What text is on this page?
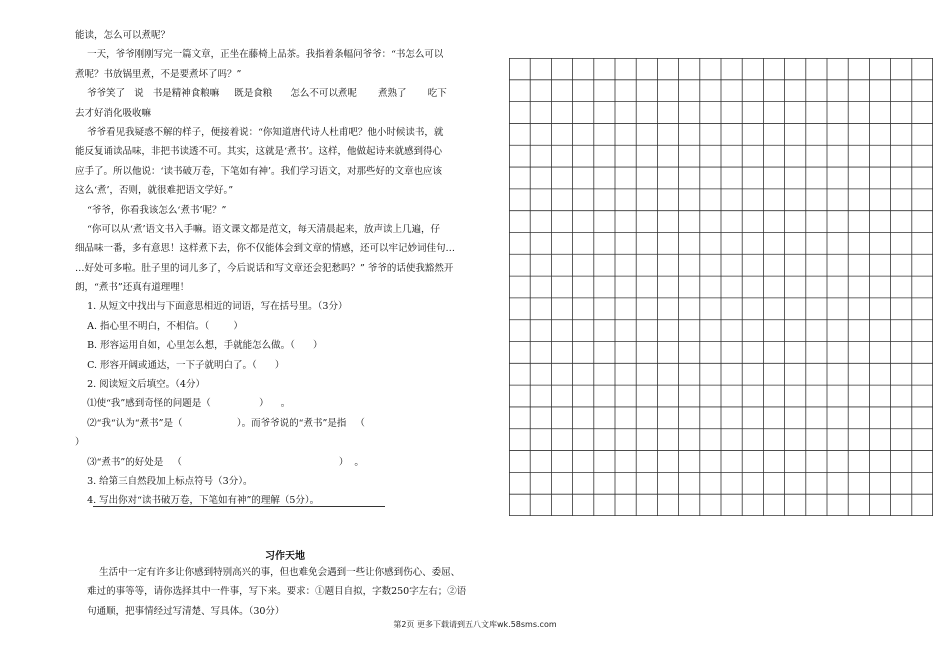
能读，怎么可以煮呢？
一天，爷爷刚刚写完一篇文章，正坐在藤椅上品茶。我指着条幅问爷爷：“书怎么可以
煮呢？书放锅里煮，不是要煮坏了吗？”
爷爷笑了   说   书是精神食粮嘛     既是食粮      怎么不可以煮呢       煮熟了       吃下
去才好消化吸收嘛
爷爷看见我疑惑不解的样子，便接着说：“你知道唐代诗人杜甫吧？他小时候读书，就
能反复诵读品味，非把书读透不可。其实，这就是‘煮书’。这样，他做起诗来就感到得心
应手了。所以他说：‘读书破万卷，下笔如有神’。我们学习语文，对那些好的文章也应该
这么‘煮’，否则，就很难把语文学好。”
“爷爷，你看我该怎么‘煮书’呢？”
“你可以从‘煮’语文书入手嘛。语文课文都是范文，每天清晨起来，放声读上几遍，仔
细品味一番，多有意思！这样煮下去，你不仅能体会到文章的情感，还可以牢记妙词佳句…
…好处可多啦。肚子里的词儿多了，今后说话和写文章还会犯愁吗？” 爷爷的话使我豁然开
朗，“煮书”还真有道理哩！
1. 从短文中找出与下面意思相近的词语，写在括号里。（3分）
A. 指心里不明白，不相信。（        ）
B. 形容运用自如，心里怎么想，手就能怎么做。（      ）
C. 形容开阔或通达，一下子就明白了。（      ）
2. 阅读短文后填空。（4分）
⑴使“我”感到奇怪的问题是（                ）    。
⑵“我“认为“煮书”是（                  ）。而爷爷说的“煮书”是指   （
）
⑶“煮书”的好处是   （                                                    ）  。
3. 给第三自然段加上标点符号（3分）。
4. 写出你对“读书破万卷，下笔如有神”的理解（5分）。
习作天地
生活中一定有许多让你感到特别高兴的事，但也难免会遇到一些让你感到伤心、委屈、
难过的事等等，请你选择其中一件事，写下来。要求：①题目自拟，字数250字左右；②语
句通顺，把事情经过写清楚、写具体。（30分）
第2页 更多下载请到五八文库wk.58sms.com
